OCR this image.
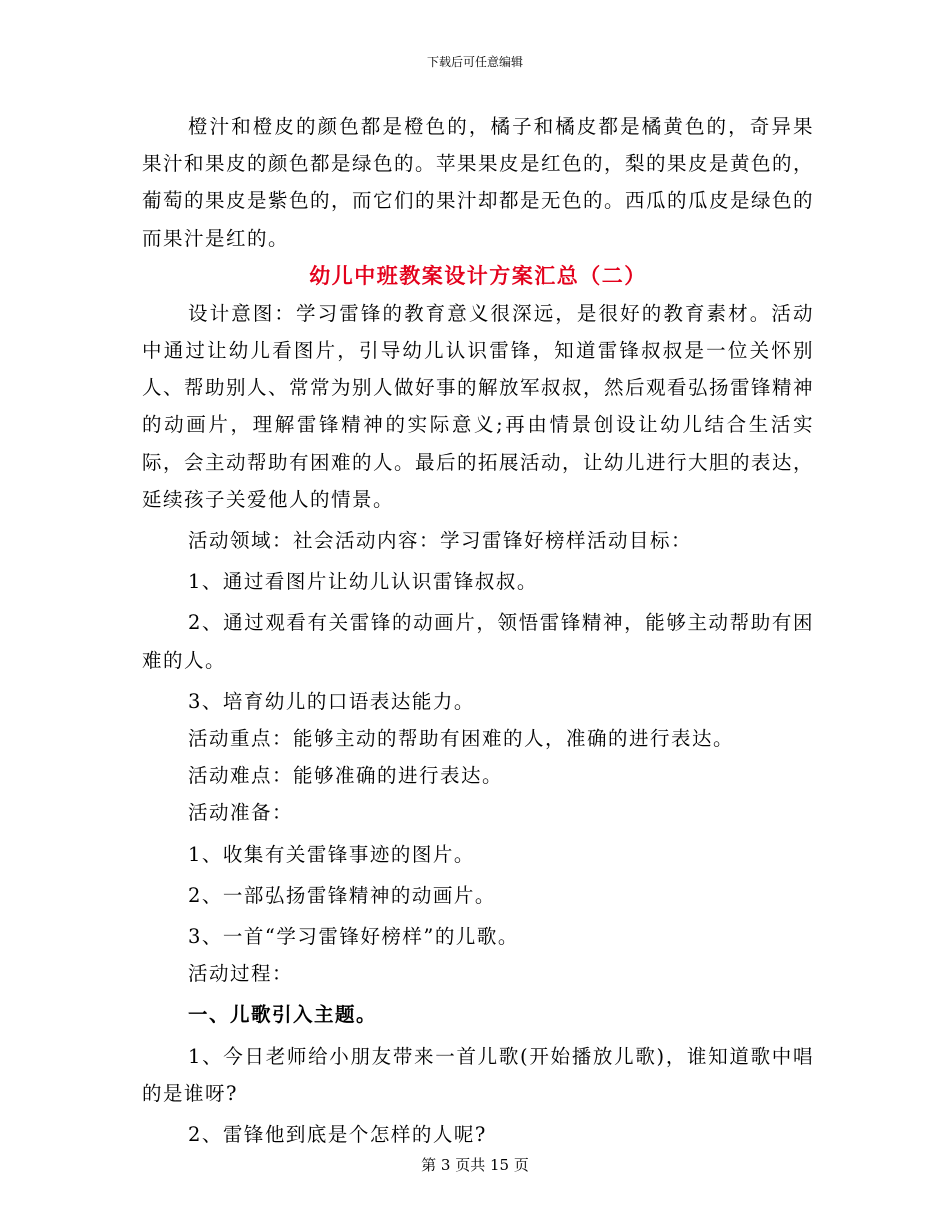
下载后可任意编辑

橙汁和橙皮的颜色都是橙色的，橘子和橘皮都是橘黄色的，奇异果果汁和果皮的颜色都是绿色的。苹果果皮是红色的，梨的果皮是黄色的，葡萄的果皮是紫色的，而它们的果汁却都是无色的。西瓜的瓜皮是绿色的而果汁是红的。

幼儿中班教案设计方案汇总（二）

设计意图：学习雷锋的教育意义很深远，是很好的教育素材。活动中通过让幼儿看图片，引导幼儿认识雷锋，知道雷锋叔叔是一位关怀别人、帮助别人、常常为别人做好事的解放军叔叔，然后观看弘扬雷锋精神的动画片，理解雷锋精神的实际意义;再由情景创设让幼儿结合生活实际，会主动帮助有困难的人。最后的拓展活动，让幼儿进行大胆的表达，延续孩子关爱他人的情景。

活动领域：社会活动内容：学习雷锋好榜样活动目标：

1、通过看图片让幼儿认识雷锋叔叔。

2、通过观看有关雷锋的动画片，领悟雷锋精神，能够主动帮助有困难的人。

3、培育幼儿的口语表达能力。

活动重点：能够主动的帮助有困难的人，准确的进行表达。

活动难点：能够准确的进行表达。

活动准备：

1、收集有关雷锋事迹的图片。

2、一部弘扬雷锋精神的动画片。

3、一首“学习雷锋好榜样”的儿歌。

活动过程：

一、儿歌引入主题。

1、今日老师给小朋友带来一首儿歌(开始播放儿歌)，谁知道歌中唱的是谁呀?

2、雷锋他到底是个怎样的人呢?

第 3 页共 15 页
